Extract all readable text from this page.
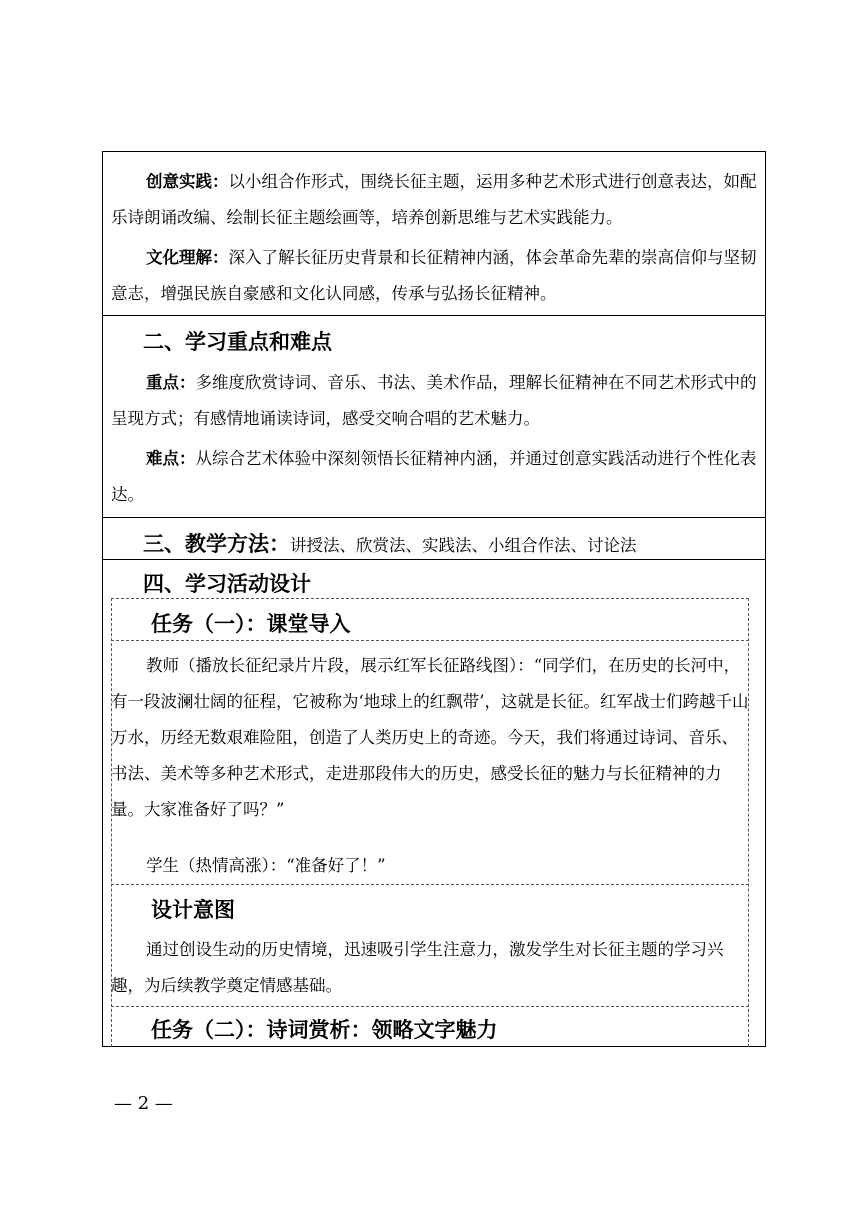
创意实践：以小组合作形式，围绕长征主题，运用多种艺术形式进行创意表达，如配乐诗朗诵改编、绘制长征主题绘画等，培养创新思维与艺术实践能力。

文化理解：深入了解长征历史背景和长征精神内涵，体会革命先辈的崇高信仰与坚韧意志，增强民族自豪感和文化认同感，传承与弘扬长征精神。

二、学习重点和难点

重点：多维度欣赏诗词、音乐、书法、美术作品，理解长征精神在不同艺术形式中的呈现方式；有感情地诵读诗词，感受交响合唱的艺术魅力。

难点：从综合艺术体验中深刻领悟长征精神内涵，并通过创意实践活动进行个性化表达。

三、教学方法：讲授法、欣赏法、实践法、小组合作法、讨论法
四、学习活动设计
任务（一）：课堂导入

教师（播放长征纪录片片段，展示红军长征路线图）：“同学们，在历史的长河中，有一段波澜壮阔的征程，它被称为‘地球上的红飘带’，这就是长征。红军战士们跨越千山万水，历经无数艰难险阻，创造了人类历史上的奇迹。今天，我们将通过诗词、音乐、书法、美术等多种艺术形式，走进那段伟大的历史，感受长征的魅力与长征精神的力量。大家准备好了吗？”

学生（热情高涨）：“准备好了！”

设计意图

通过创设生动的历史情境，迅速吸引学生注意力，激发学生对长征主题的学习兴趣，为后续教学奠定情感基础。

任务（二）：诗词赏析：领略文字魅力
— 2 —
